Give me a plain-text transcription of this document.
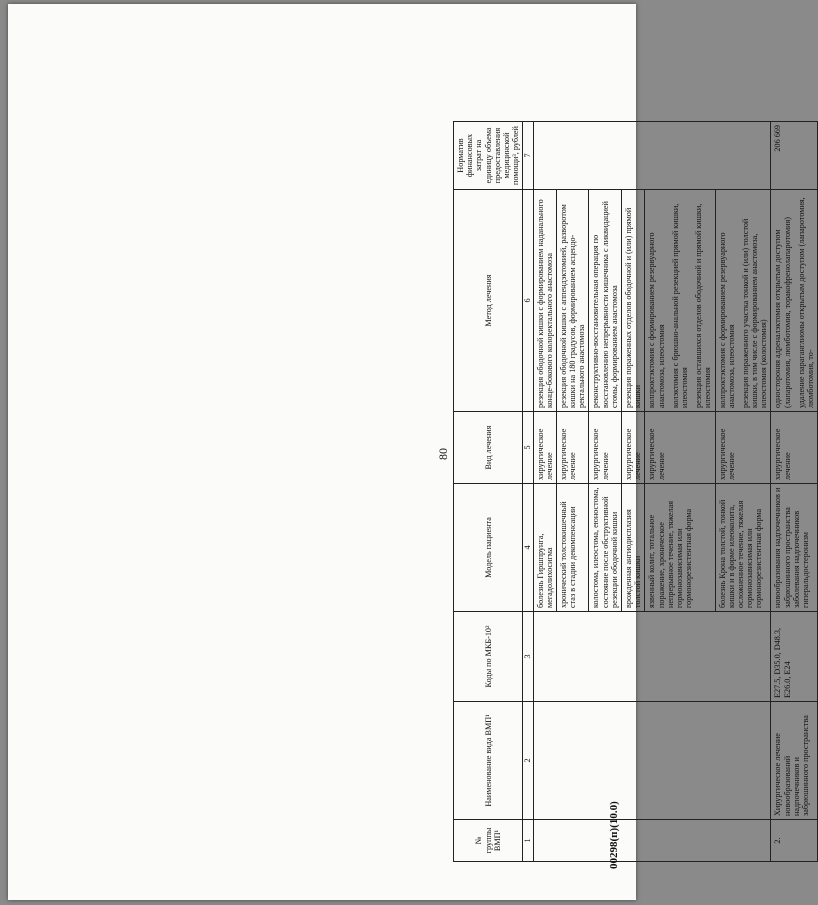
80
№ группы ВМП¹	Наименование вида ВМП¹	Коды по МКБ-10²	Модель пациента	Вид лечения	Метод лечения	Норматив финансовых затрат на единицу объема предоставления медицинской помощи³, рублей
1	2	3	4	5	6	7
			болезнь Гиршпрунга, мегадолихосигма	хирургическое лечение	резекция ободочной кишки с формированием наданального конце-бокового колоректального анастомоза	

			хронический толстокишечный стаз в стадии декомпенсации	хирургическое лечение	резекция ободочной кишки с аппендэктомией, разворотом кишки на 180 градусов, формированием асцендо-ректального анастомоза	

			колостома, илеостома, еюностома, состояние после обструктивной резекции ободочной кишки	хирургическое лечение	реконструктивно-восстановительная операция по восстановлению непрерывности кишечника с ликвидацией стомы, формированием анастомоза	

			врожденная ангиодисплазия толстой кишки	хирургическое лечение	резекция пораженных отделов ободочной и (или) прямой кишки	

			язвенный колит, тотальное поражение, хроническое непрерывное течение, тяжелая гормонозависимая или гормонорезистентная форма	хирургическое лечение	колпроктэктомия с формированием резервуарного анастомоза, илеостомия колэктомия с брюшно-анальной резекцией прямой кишки, илеостомия резекция оставшихся отделов ободочной и прямой кишки, илеостомия	

			болезнь Крона толстой, тонкой кишки и в форме илеоколита, осложненное течение, тяжелая гормонозависимая или гормонорезистентная форма	хирургическое лечение	колпроктэктомия с формированием резервуарного анастомоза, илеостомия резекция пораженного участка тонкой и (или) толстой кишки, в том числе с формированием анастомоза, илеостомия (колостомия)	

2.	Хирургическое лечение новообразований надпочечников и забрюшинного пространства	E27.5, D35.0, D48.3, E26.0, E24	новообразования надпочечников и забрюшинного пространства заболевания надпочечников гиперальдостеронизм	хирургическое лечение	одностороняя адреналэктомия открытым доступом (лапаротомия, люмботомия, торакофренолапаротомия) удаление параганглиомы открытым доступом (лапаротомия, люмботомия, то-	206 669
00298(п)(10.0)
